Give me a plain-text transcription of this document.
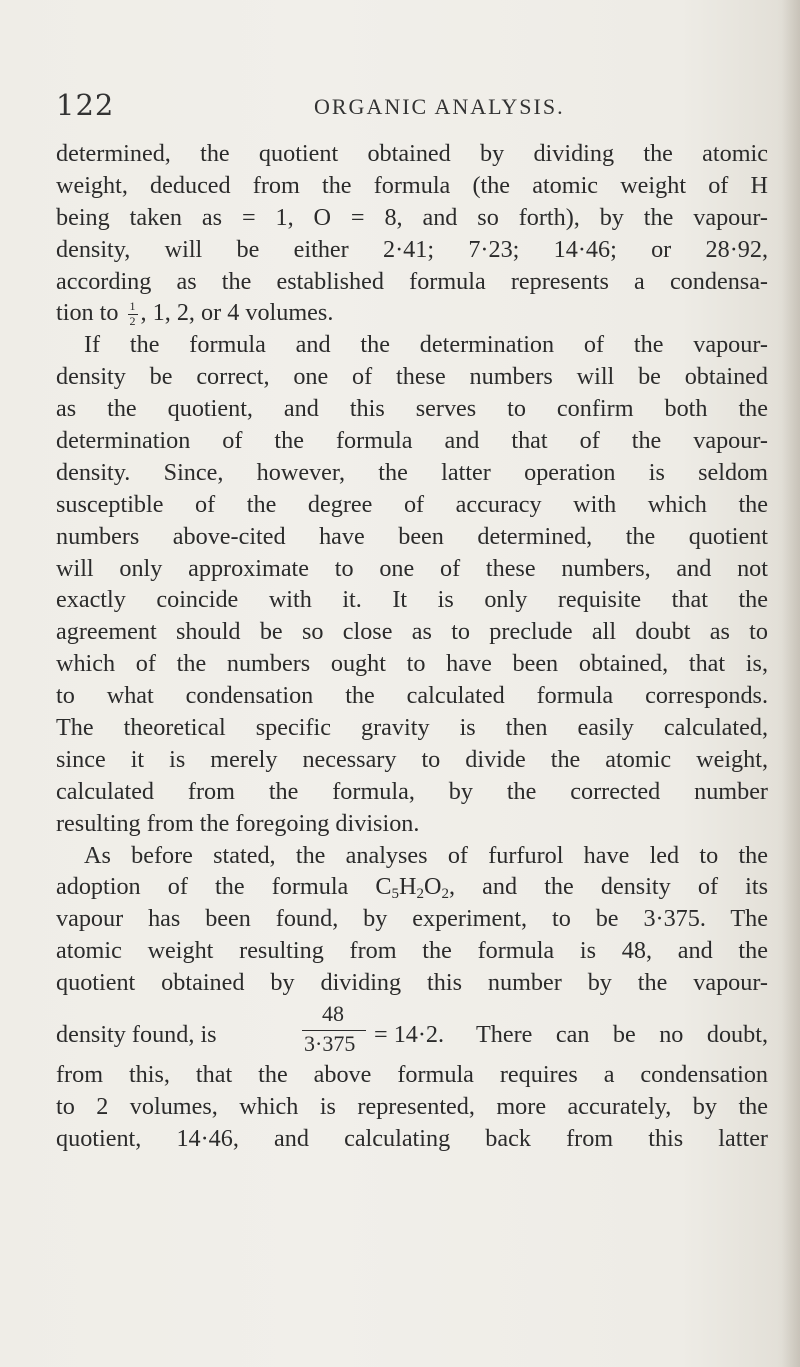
122	ORGANIC ANALYSIS.
determined, the quotient obtained by dividing the atomic
weight, deduced from the formula (the atomic weight of H
being taken as = 1, O = 8, and so forth), by the vapour-
density, will be either 2·41; 7·23; 14·46; or 28·92,
according as the established formula represents a condensa-
tion to $\frac{1}{2}$ , 1, 2, or 4 volumes.
If the formula and the determination of the vapour-
density be correct, one of these numbers will be obtained
as the quotient, and this serves to confirm both the
determination of the formula and that of the vapour-
density. Since, however, the latter operation is seldom
susceptible of the degree of accuracy with which the
numbers above-cited have been determined, the quotient
will only approximate to one of these numbers, and not
exactly coincide with it. It is only requisite that the
agreement should be so close as to preclude all doubt as to
which of the numbers ought to have been obtained, that is,
to what condensation the calculated formula corresponds.
The theoretical specific gravity is then easily calculated,
since it is merely necessary to divide the atomic weight,
calculated from the formula, by the corrected number
resulting from the foregoing division.
As before stated, the analyses of furfurol have led to the
adoption of the formula $C_5H_2O_2$, and the density of its
vapour has been found, by experiment, to be 3·375. The
atomic weight resulting from the formula is 48, and the
quotient obtained by dividing this number by the vapour-
density found, is
48
3·375 = 14·2. There can be no doubt,
from this, that the above formula requires a condensation
to 2 volumes, which is represented, more accurately, by the
quotient, 14·46, and calculating back from this latter
